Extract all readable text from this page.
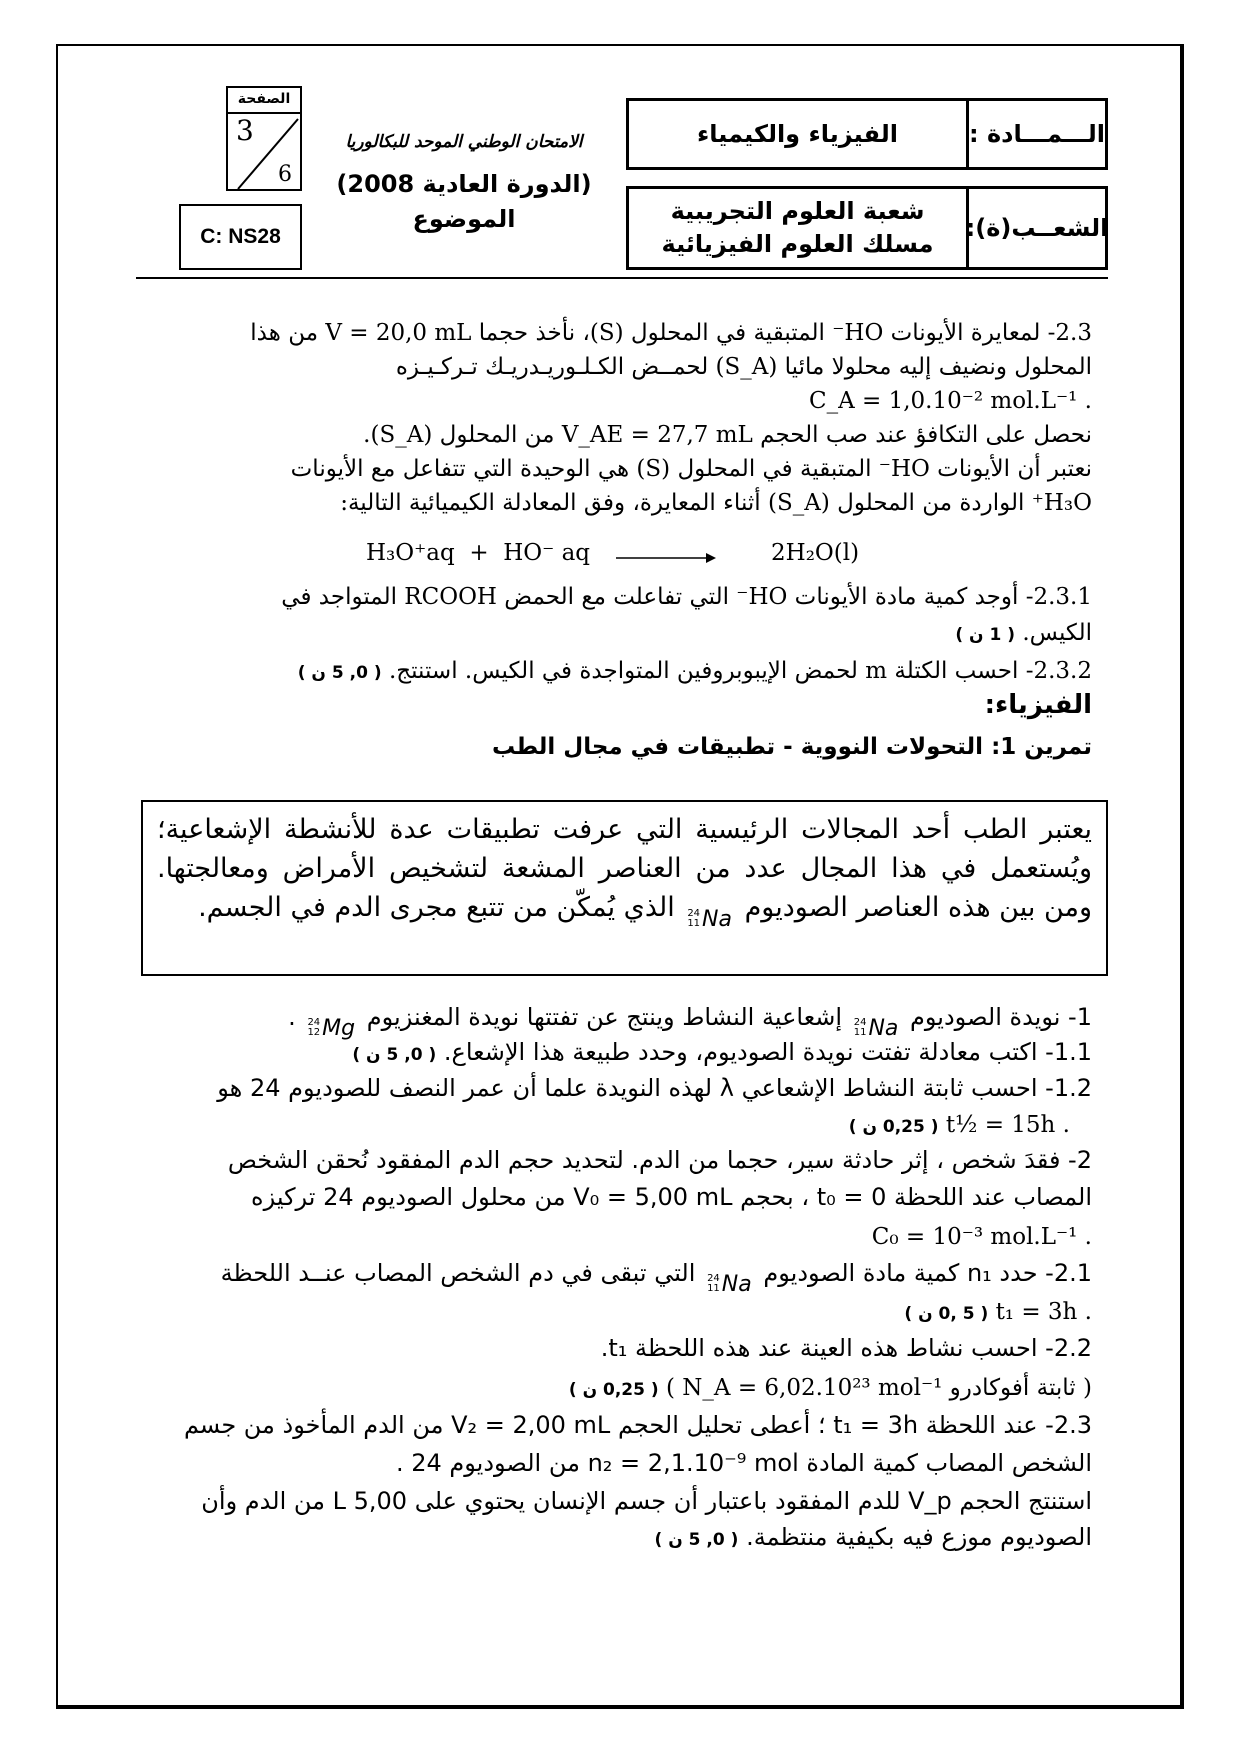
الـــمـــادة :
الفيزياء والكيمياء
الشعــب(ة):
شعبة العلوم التجريبية
مسلك العلوم الفيزيائية
الامتحان الوطني الموحد للبكالوريا
(الدورة العادية 2008)
الموضوع
الصفحة
3
6
C: NS28
2.3- لمعايرة الأيونات HO⁻ المتبقية في المحلول (S)، نأخذ حجما V = 20,0 mL من هذا
المحلول ونضيف إليه محلولا مائيا (S_A) لحمــض الكـلـوريـدريـك تـركـيـزه
. C_A = 1,0.10⁻² mol.L⁻¹
نحصل على التكافؤ عند صب الحجم V_AE = 27,7 mL من المحلول (S_A).
نعتبر أن الأيونات HO⁻ المتبقية في المحلول (S) هي الوحيدة التي تتفاعل مع الأيونات
H₃O⁺ الواردة من المحلول (S_A) أثناء المعايرة، وفق المعادلة الكيميائية التالية:
H₃O⁺aq  +  HO⁻ aq	2H₂O(l)
2.3.1- أوجد كمية مادة الأيونات HO⁻ التي تفاعلت مع الحمض RCOOH المتواجد في
الكيس. ( 1 ن )
2.3.2- احسب الكتلة m لحمض الإيبوبروفين المتواجدة في الكيس. استنتج. ( 0, 5 ن )
الفيزياء:
تمرين 1: التحولات النووية - تطبيقات في مجال الطب
يعتبر الطب أحد المجالات الرئيسية التي عرفت تطبيقات عدة للأنشطة الإشعاعية؛ ويُستعمل في هذا المجال عدد من العناصر المشعة لتشخيص الأمراض ومعالجتها. ومن بين هذه العناصر الصوديوم
24
11 Na
الذي يُمكّن من تتبع مجرى الدم في الجسم.
1- نويدة الصوديوم
24
11 Na
إشعاعية النشاط وينتج عن تفتتها نويدة المغنزيوم
24
12 Mg
.
1.1- اكتب معادلة تفتت نويدة الصوديوم، وحدد طبيعة هذا الإشعاع. ( 0, 5 ن )
1.2- احسب ثابتة النشاط الإشعاعي λ لهذه النويدة علما أن عمر النصف للصوديوم 24 هو
. t½ = 15h ( 0,25 ن )
2- فقدَ شخص ، إثر حادثة سير، حجما من الدم. لتحديد حجم الدم المفقود نُحقن الشخص
المصاب عند اللحظة t₀ = 0 ، بحجم V₀ = 5,00 mL من محلول الصوديوم 24 تركيزه
. C₀ = 10⁻³ mol.L⁻¹
2.1- حدد n₁ كمية مادة الصوديوم
24
11 Na
التي تبقى في دم الشخص المصاب عنــد اللحظة
. t₁ = 3h ( 0, 5 ن )
2.2- احسب نشاط هذه العينة عند هذه اللحظة t₁.
( ثابتة أفوكادرو N_A = 6,02.10²³ mol⁻¹ ) ( 0,25 ن )
2.3- عند اللحظة t₁ = 3h ؛ أعطى تحليل الحجم V₂ = 2,00 mL من الدم المأخوذ من جسم
الشخص المصاب كمية المادة n₂ = 2,1.10⁻⁹ mol من الصوديوم 24 .
استنتج الحجم V_p للدم المفقود باعتبار أن جسم الإنسان يحتوي على 5,00 L من الدم وأن
الصوديوم موزع فيه بكيفية منتظمة. ( 0, 5 ن )
